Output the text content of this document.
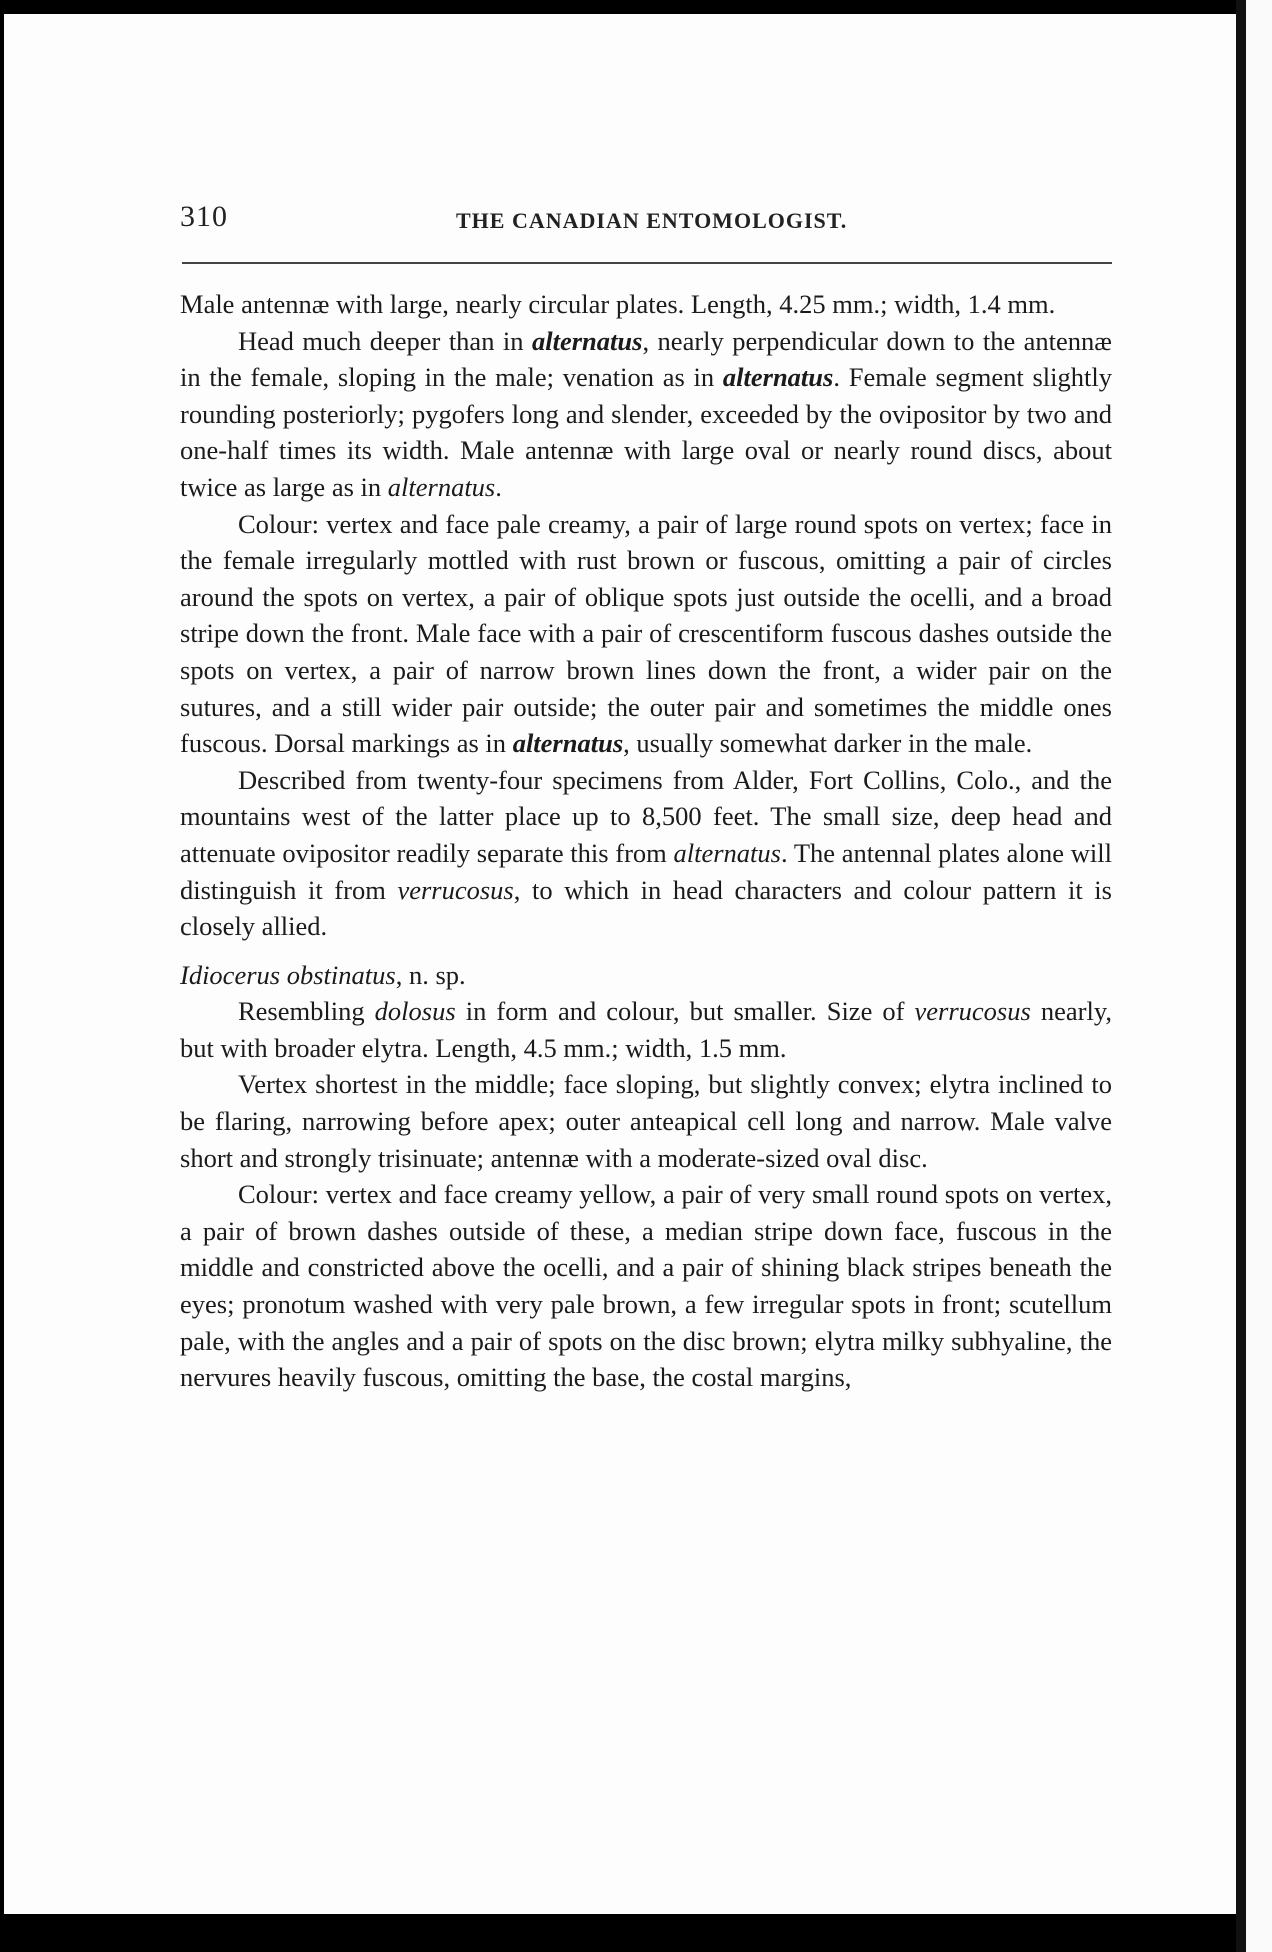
310	THE CANADIAN ENTOMOLOGIST.

Male antennæ with large, nearly circular plates. Length, 4.25 mm.; width, 1.4 mm.

Head much deeper than in alternatus, nearly perpendicular down to the antennæ in the female, sloping in the male; venation as in alternatus. Female segment slightly rounding posteriorly; pygofers long and slender, exceeded by the ovipositor by two and one-half times its width. Male antennæ with large oval or nearly round discs, about twice as large as in alternatus.

Colour: vertex and face pale creamy, a pair of large round spots on vertex; face in the female irregularly mottled with rust brown or fuscous, omitting a pair of circles around the spots on vertex, a pair of oblique spots just outside the ocelli, and a broad stripe down the front. Male face with a pair of crescentiform fuscous dashes outside the spots on vertex, a pair of narrow brown lines down the front, a wider pair on the sutures, and a still wider pair outside; the outer pair and sometimes the middle ones fuscous. Dorsal markings as in alternatus, usually somewhat darker in the male.

Described from twenty-four specimens from Alder, Fort Collins, Colo., and the mountains west of the latter place up to 8,500 feet. The small size, deep head and attenuate ovipositor readily separate this from alternatus. The antennal plates alone will distinguish it from verrucosus, to which in head characters and colour pattern it is closely allied.

Idiocerus obstinatus, n. sp.

Resembling dolosus in form and colour, but smaller. Size of verrucosus nearly, but with broader elytra. Length, 4.5 mm.; width, 1.5 mm.

Vertex shortest in the middle; face sloping, but slightly convex; elytra inclined to be flaring, narrowing before apex; outer anteapical cell long and narrow. Male valve short and strongly trisinuate; antennæ with a moderate-sized oval disc.

Colour: vertex and face creamy yellow, a pair of very small round spots on vertex, a pair of brown dashes outside of these, a median stripe down face, fuscous in the middle and constricted above the ocelli, and a pair of shining black stripes beneath the eyes; pronotum washed with very pale brown, a few irregular spots in front; scutellum pale, with the angles and a pair of spots on the disc brown; elytra milky subhyaline, the nervures heavily fuscous, omitting the base, the costal margins,
